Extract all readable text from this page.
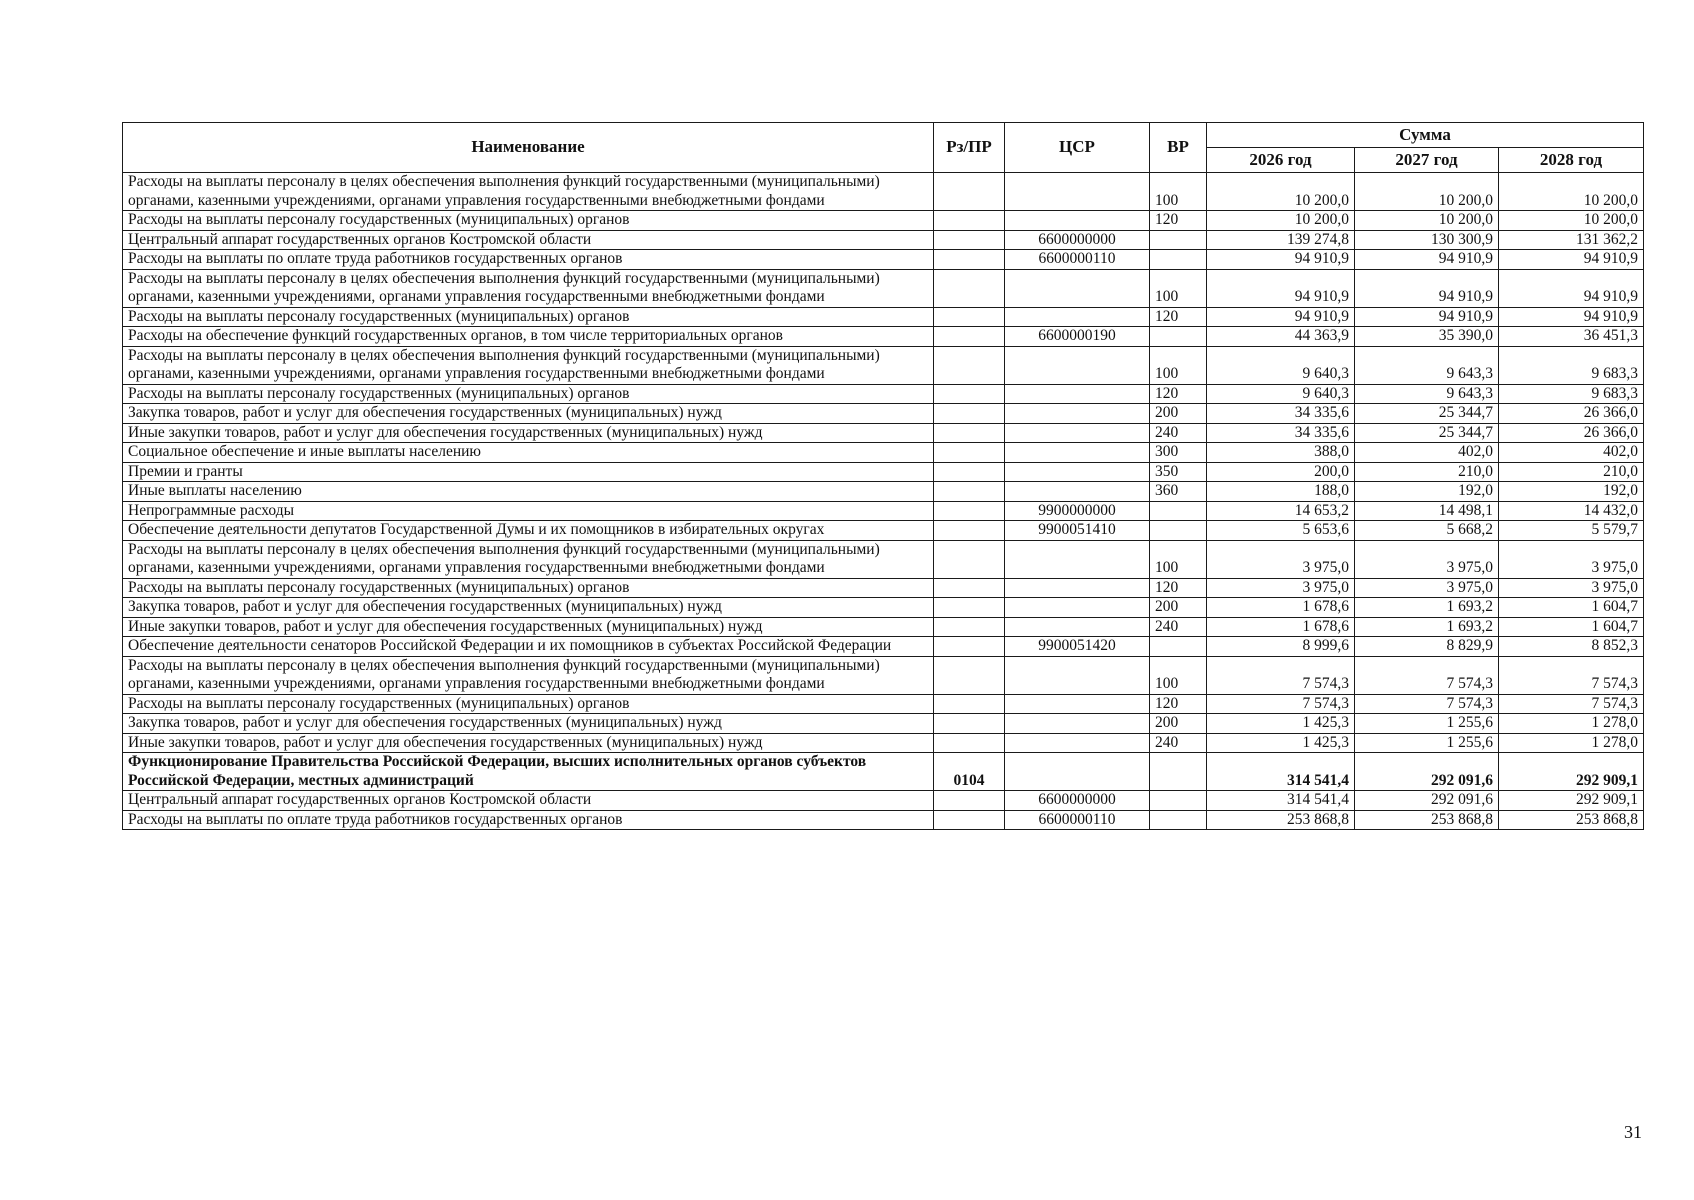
Наименование	Рз/ПР	ЦСР	ВР	Сумма		
				2026 год	2027 год	2028 год
Расходы на выплаты персоналу в целях обеспечения выполнения функций государственными (муниципальными) органами, казенными учреждениями, органами управления государственными внебюджетными фондами			100	10 200,0	10 200,0	10 200,0
Расходы на выплаты персоналу государственных (муниципальных) органов			120	10 200,0	10 200,0	10 200,0
Центральный аппарат государственных органов Костромской области		6600000000		139 274,8	130 300,9	131 362,2
Расходы на выплаты по оплате труда работников государственных органов		6600000110		94 910,9	94 910,9	94 910,9
Расходы на выплаты персоналу в целях обеспечения выполнения функций государственными (муниципальными) органами, казенными учреждениями, органами управления государственными внебюджетными фондами			100	94 910,9	94 910,9	94 910,9
Расходы на выплаты персоналу государственных (муниципальных) органов			120	94 910,9	94 910,9	94 910,9
Расходы на обеспечение функций государственных органов, в том числе территориальных органов		6600000190		44 363,9	35 390,0	36 451,3
Расходы на выплаты персоналу в целях обеспечения выполнения функций государственными (муниципальными) органами, казенными учреждениями, органами управления государственными внебюджетными фондами			100	9 640,3	9 643,3	9 683,3
Расходы на выплаты персоналу государственных (муниципальных) органов			120	9 640,3	9 643,3	9 683,3
Закупка товаров, работ и услуг для обеспечения государственных (муниципальных) нужд			200	34 335,6	25 344,7	26 366,0
Иные закупки товаров, работ и услуг для обеспечения государственных (муниципальных) нужд			240	34 335,6	25 344,7	26 366,0
Социальное обеспечение и иные выплаты населению			300	388,0	402,0	402,0
Премии и гранты			350	200,0	210,0	210,0
Иные выплаты населению			360	188,0	192,0	192,0
Непрограммные расходы		9900000000		14 653,2	14 498,1	14 432,0
Обеспечение деятельности депутатов Государственной Думы и их помощников в избирательных округах		9900051410		5 653,6	5 668,2	5 579,7
Расходы на выплаты персоналу в целях обеспечения выполнения функций государственными (муниципальными) органами, казенными учреждениями, органами управления государственными внебюджетными фондами			100	3 975,0	3 975,0	3 975,0
Расходы на выплаты персоналу государственных (муниципальных) органов			120	3 975,0	3 975,0	3 975,0
Закупка товаров, работ и услуг для обеспечения государственных (муниципальных) нужд			200	1 678,6	1 693,2	1 604,7
Иные закупки товаров, работ и услуг для обеспечения государственных (муниципальных) нужд			240	1 678,6	1 693,2	1 604,7
Обеспечение деятельности сенаторов Российской Федерации и их помощников в субъектах Российской Федерации		9900051420		8 999,6	8 829,9	8 852,3
Расходы на выплаты персоналу в целях обеспечения выполнения функций государственными (муниципальными) органами, казенными учреждениями, органами управления государственными внебюджетными фондами			100	7 574,3	7 574,3	7 574,3
Расходы на выплаты персоналу государственных (муниципальных) органов			120	7 574,3	7 574,3	7 574,3
Закупка товаров, работ и услуг для обеспечения государственных (муниципальных) нужд			200	1 425,3	1 255,6	1 278,0
Иные закупки товаров, работ и услуг для обеспечения государственных (муниципальных) нужд			240	1 425,3	1 255,6	1 278,0
Функционирование Правительства Российской Федерации, высших исполнительных органов субъектов Российской Федерации, местных администраций	0104			314 541,4	292 091,6	292 909,1
Центральный аппарат государственных органов Костромской области		6600000000		314 541,4	292 091,6	292 909,1
Расходы на выплаты по оплате труда работников государственных органов		6600000110		253 868,8	253 868,8	253 868,8
31
